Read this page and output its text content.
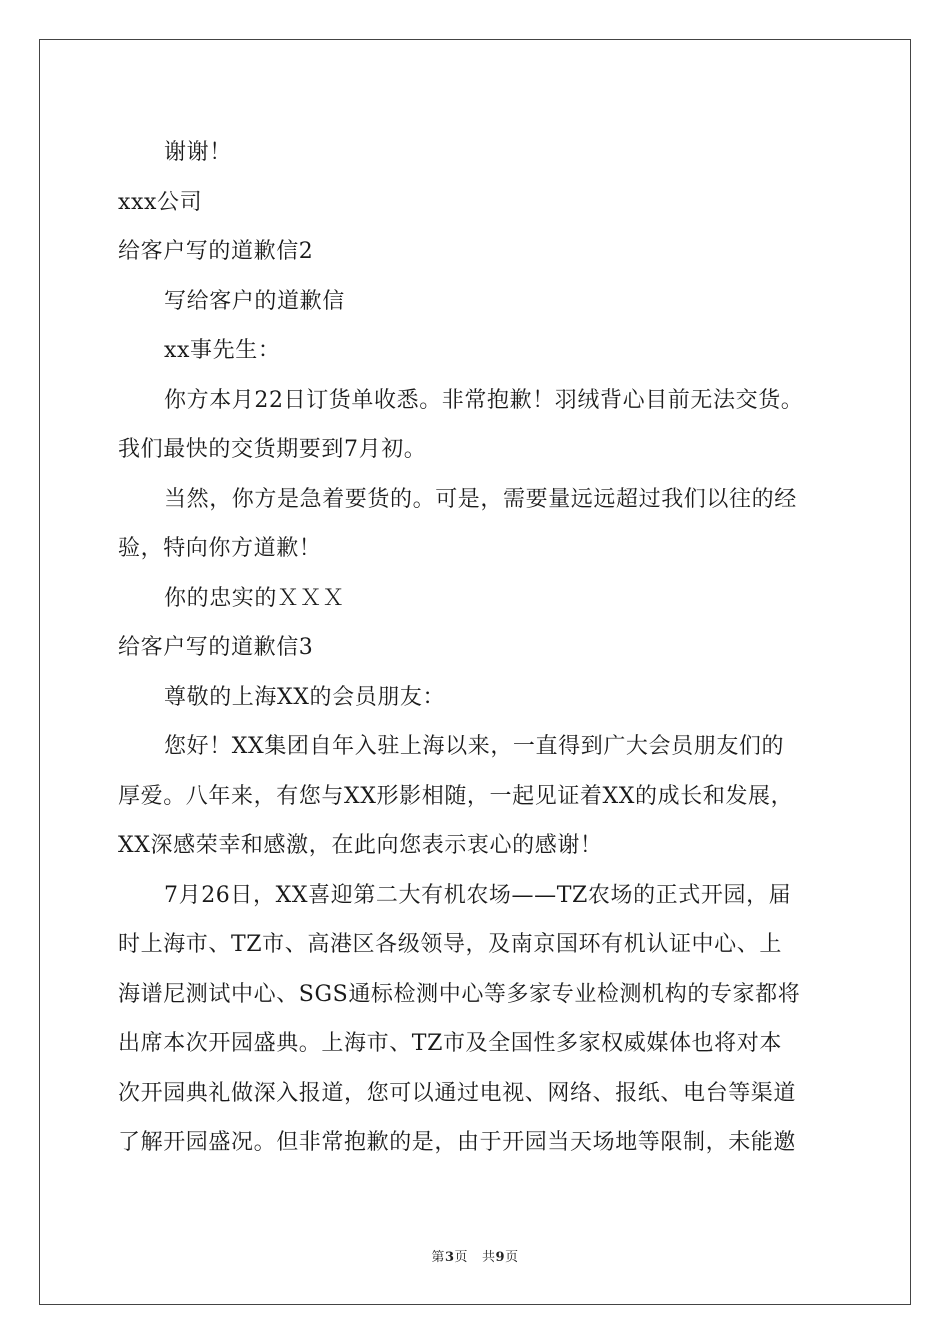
谢谢！
xxx公司
给客户写的道歉信2
写给客户的道歉信
xx事先生：
你方本月22日订货单收悉。非常抱歉！羽绒背心目前无法交货。
我们最快的交货期要到7月初。
当然，你方是急着要货的。可是，需要量远远超过我们以往的经
验，特向你方道歉！
你的忠实的ＸＸＸ
给客户写的道歉信3
尊敬的上海XX的会员朋友：
您好！XX集团自年入驻上海以来，一直得到广大会员朋友们的
厚爱。八年来，有您与XX形影相随，一起见证着XX的成长和发展，
XX深感荣幸和感激，在此向您表示衷心的感谢！
7月26日，XX喜迎第二大有机农场——TZ农场的正式开园，届
时上海市、TZ市、高港区各级领导，及南京国环有机认证中心、上
海谱尼测试中心、SGS通标检测中心等多家专业检测机构的专家都将
出席本次开园盛典。上海市、TZ市及全国性多家权威媒体也将对本
次开园典礼做深入报道，您可以通过电视、网络、报纸、电台等渠道
了解开园盛况。但非常抱歉的是，由于开园当天场地等限制，未能邀
第3页 共9页
